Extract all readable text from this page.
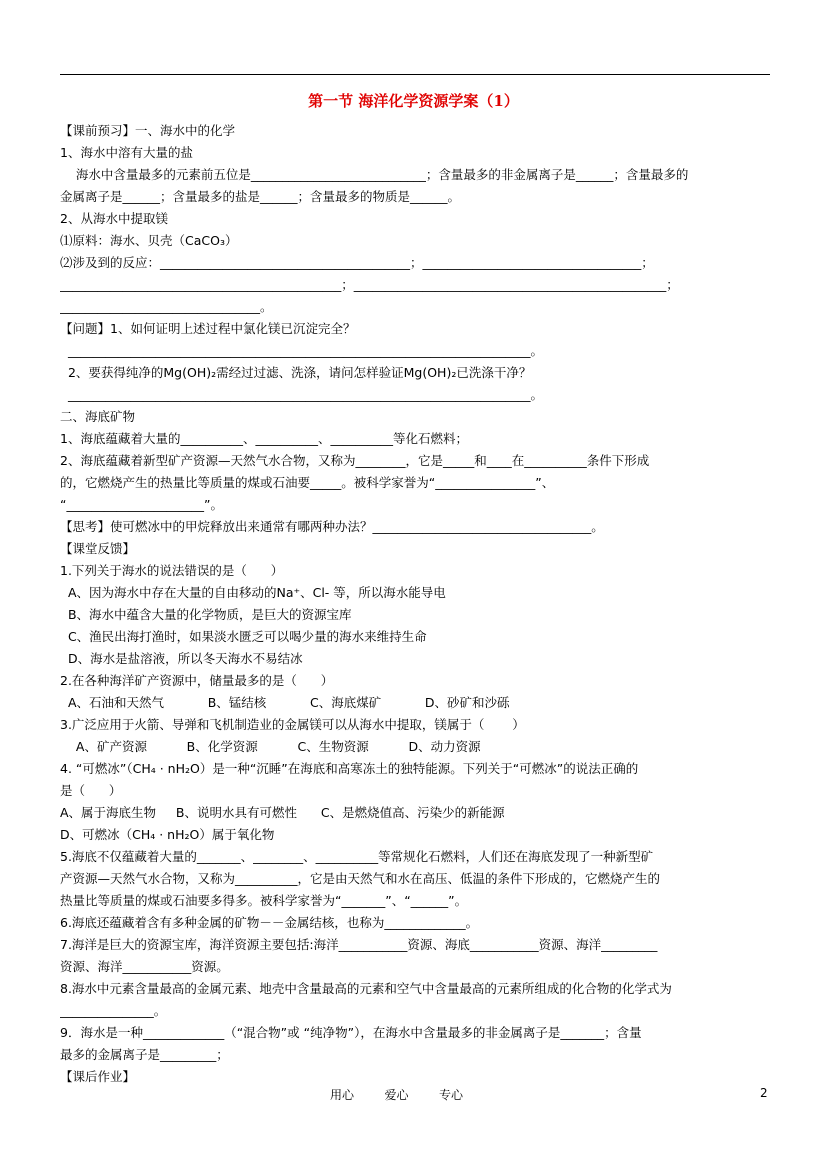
第一节 海洋化学资源学案（1）
【课前预习】一、海水中的化学
1、海水中溶有大量的盐
海水中含量最多的元素前五位是____________________________；含量最多的非金属离子是______；含量最多的
金属离子是______；含量最多的盐是______；含量最多的物质是______。
2、从海水中提取镁
⑴原料：海水、贝壳（CaCO₃）
⑵涉及到的反应：________________________________________；___________________________________；
_____________________________________________；__________________________________________________；
________________________________。
【问题】1、如何证明上述过程中氯化镁已沉淀完全？
__________________________________________________________________________。
2、要获得纯净的Mg(OH)₂需经过过滤、洗涤，请问怎样验证Mg(OH)₂已洗涤干净？
__________________________________________________________________________。
二、海底矿物
1、海底蕴藏着大量的__________、__________、__________等化石燃料；
2、海底蕴藏着新型矿产资源—天然气水合物，又称为________，它是_____和____在__________条件下形成
的，它燃烧产生的热量比等质量的煤或石油要_____。被科学家誉为“________________”、
“______________________”。
【思考】使可燃冰中的甲烷释放出来通常有哪两种办法？___________________________________。
【课堂反馈】
1.下列关于海水的说法错误的是（      ）
A、因为海水中存在大量的自由移动的Na⁺、Cl- 等，所以海水能导电
B、海水中蕴含大量的化学物质，是巨大的资源宝库
C、渔民出海打渔时，如果淡水匮乏可以喝少量的海水来维持生命
D、海水是盐溶液，所以冬天海水不易结冰
2.在各种海洋矿产资源中，储量最多的是（      ）
A、石油和天然气           B、锰结核           C、海底煤矿           D、砂矿和沙砾
3.广泛应用于火箭、导弹和飞机制造业的金属镁可以从海水中提取，镁属于（       ）
A、矿产资源          B、化学资源          C、生物资源          D、动力资源
4. “可燃冰”（CH₄ · nH₂O）是一种“沉睡”在海底和高寒冻土的独特能源。下列关于“可燃冰”的说法正确的
是（      ）
A、属于海底生物     B、说明水具有可燃性      C、是燃烧值高、污染少的新能源
D、可燃冰（CH₄ · nH₂O）属于氧化物
5.海底不仅蕴藏着大量的_______、________、__________等常规化石燃料，人们还在海底发现了一种新型矿
产资源—天然气水合物，又称为__________，它是由天然气和水在高压、低温的条件下形成的，它燃烧产生的
热量比等质量的煤或石油要多得多。被科学家誉为“_______”、“______”。
6.海底还蕴藏着含有多种金属的矿物－－金属结核，也称为_____________。
7.海洋是巨大的资源宝库，海洋资源主要包括:海洋___________资源、海底___________资源、海洋_________
资源、海洋___________资源。
8.海水中元素含量最高的金属元素、地壳中含量最高的元素和空气中含量最高的元素所组成的化合物的化学式为
_______________。
9．海水是一种_____________（“混合物”或 “纯净物”），在海水中含量最多的非金属离子是_______；含量
最多的金属离子是_________；
【课后作业】
用心        爱心        专心	2
